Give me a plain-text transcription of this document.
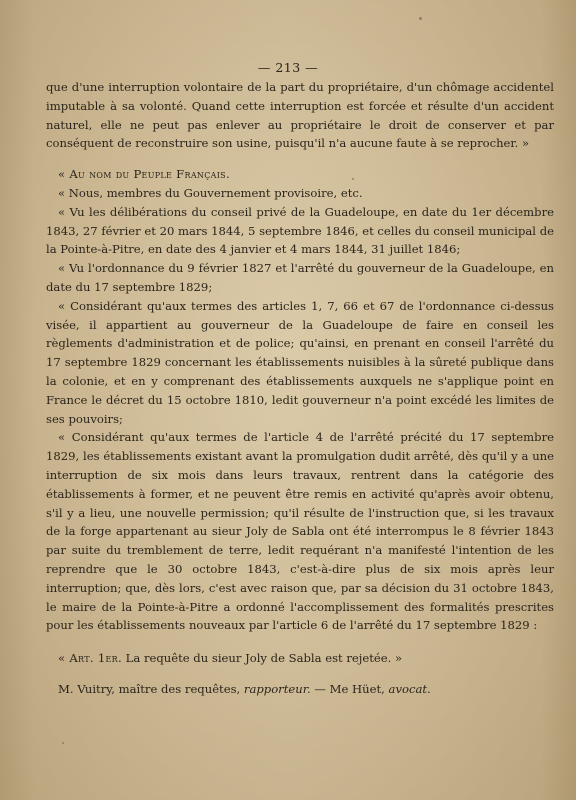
— 213 —

que d'une interruption volontaire de la part du propriétaire, d'un chômage accidentel imputable à sa volonté. Quand cette interruption est forcée et résulte d'un accident naturel, elle ne peut pas enlever au propriétaire le droit de conserver et par conséquent de reconstruire son usine, puisqu'il n'a aucune faute à se reprocher. »

« Au nom du Peuple Français.

« Nous, membres du Gouvernement provisoire, etc.

« Vu les délibérations du conseil privé de la Guadeloupe, en date du 1er décembre 1843, 27 février et 20 mars 1844, 5 septembre 1846, et celles du conseil municipal de la Pointe-à-Pitre, en date des 4 janvier et 4 mars 1844, 31 juillet 1846;

« Vu l'ordonnance du 9 février 1827 et l'arrêté du gouverneur de la Guadeloupe, en date du 17 septembre 1829;

« Considérant qu'aux termes des articles 1, 7, 66 et 67 de l'ordonnance ci-dessus visée, il appartient au gouverneur de la Guadeloupe de faire en conseil les règlements d'administration et de police; qu'ainsi, en prenant en conseil l'arrêté du 17 septembre 1829 concernant les établissements nuisibles à la sûreté publique dans la colonie, et en y comprenant des établissements auxquels ne s'applique point en France le décret du 15 octobre 1810, ledit gouverneur n'a point excédé les limites de ses pouvoirs;

« Considérant qu'aux termes de l'article 4 de l'arrêté précité du 17 septembre 1829, les établissements existant avant la promulgation dudit arrêté, dès qu'il y a une interruption de six mois dans leurs travaux, rentrent dans la catégorie des établissements à former, et ne peuvent être remis en activité qu'après avoir obtenu, s'il y a lieu, une nouvelle permission; qu'il résulte de l'instruction que, si les travaux de la forge appartenant au sieur Joly de Sabla ont été interrompus le 8 février 1843 par suite du tremblement de terre, ledit requérant n'a manifesté l'intention de les reprendre que le 30 octobre 1843, c'est-à-dire plus de six mois après leur interruption; que, dès lors, c'est avec raison que, par sa décision du 31 octobre 1843, le maire de la Pointe-à-Pitre a ordonné l'accomplissement des formalités prescrites pour les établissements nouveaux par l'article 6 de l'arrêté du 17 septembre 1829 :

« Art. 1er. La requête du sieur Joly de Sabla est rejetée. »

M. Vuitry, maître des requêtes, rapporteur. — Me Hüet, avocat.
